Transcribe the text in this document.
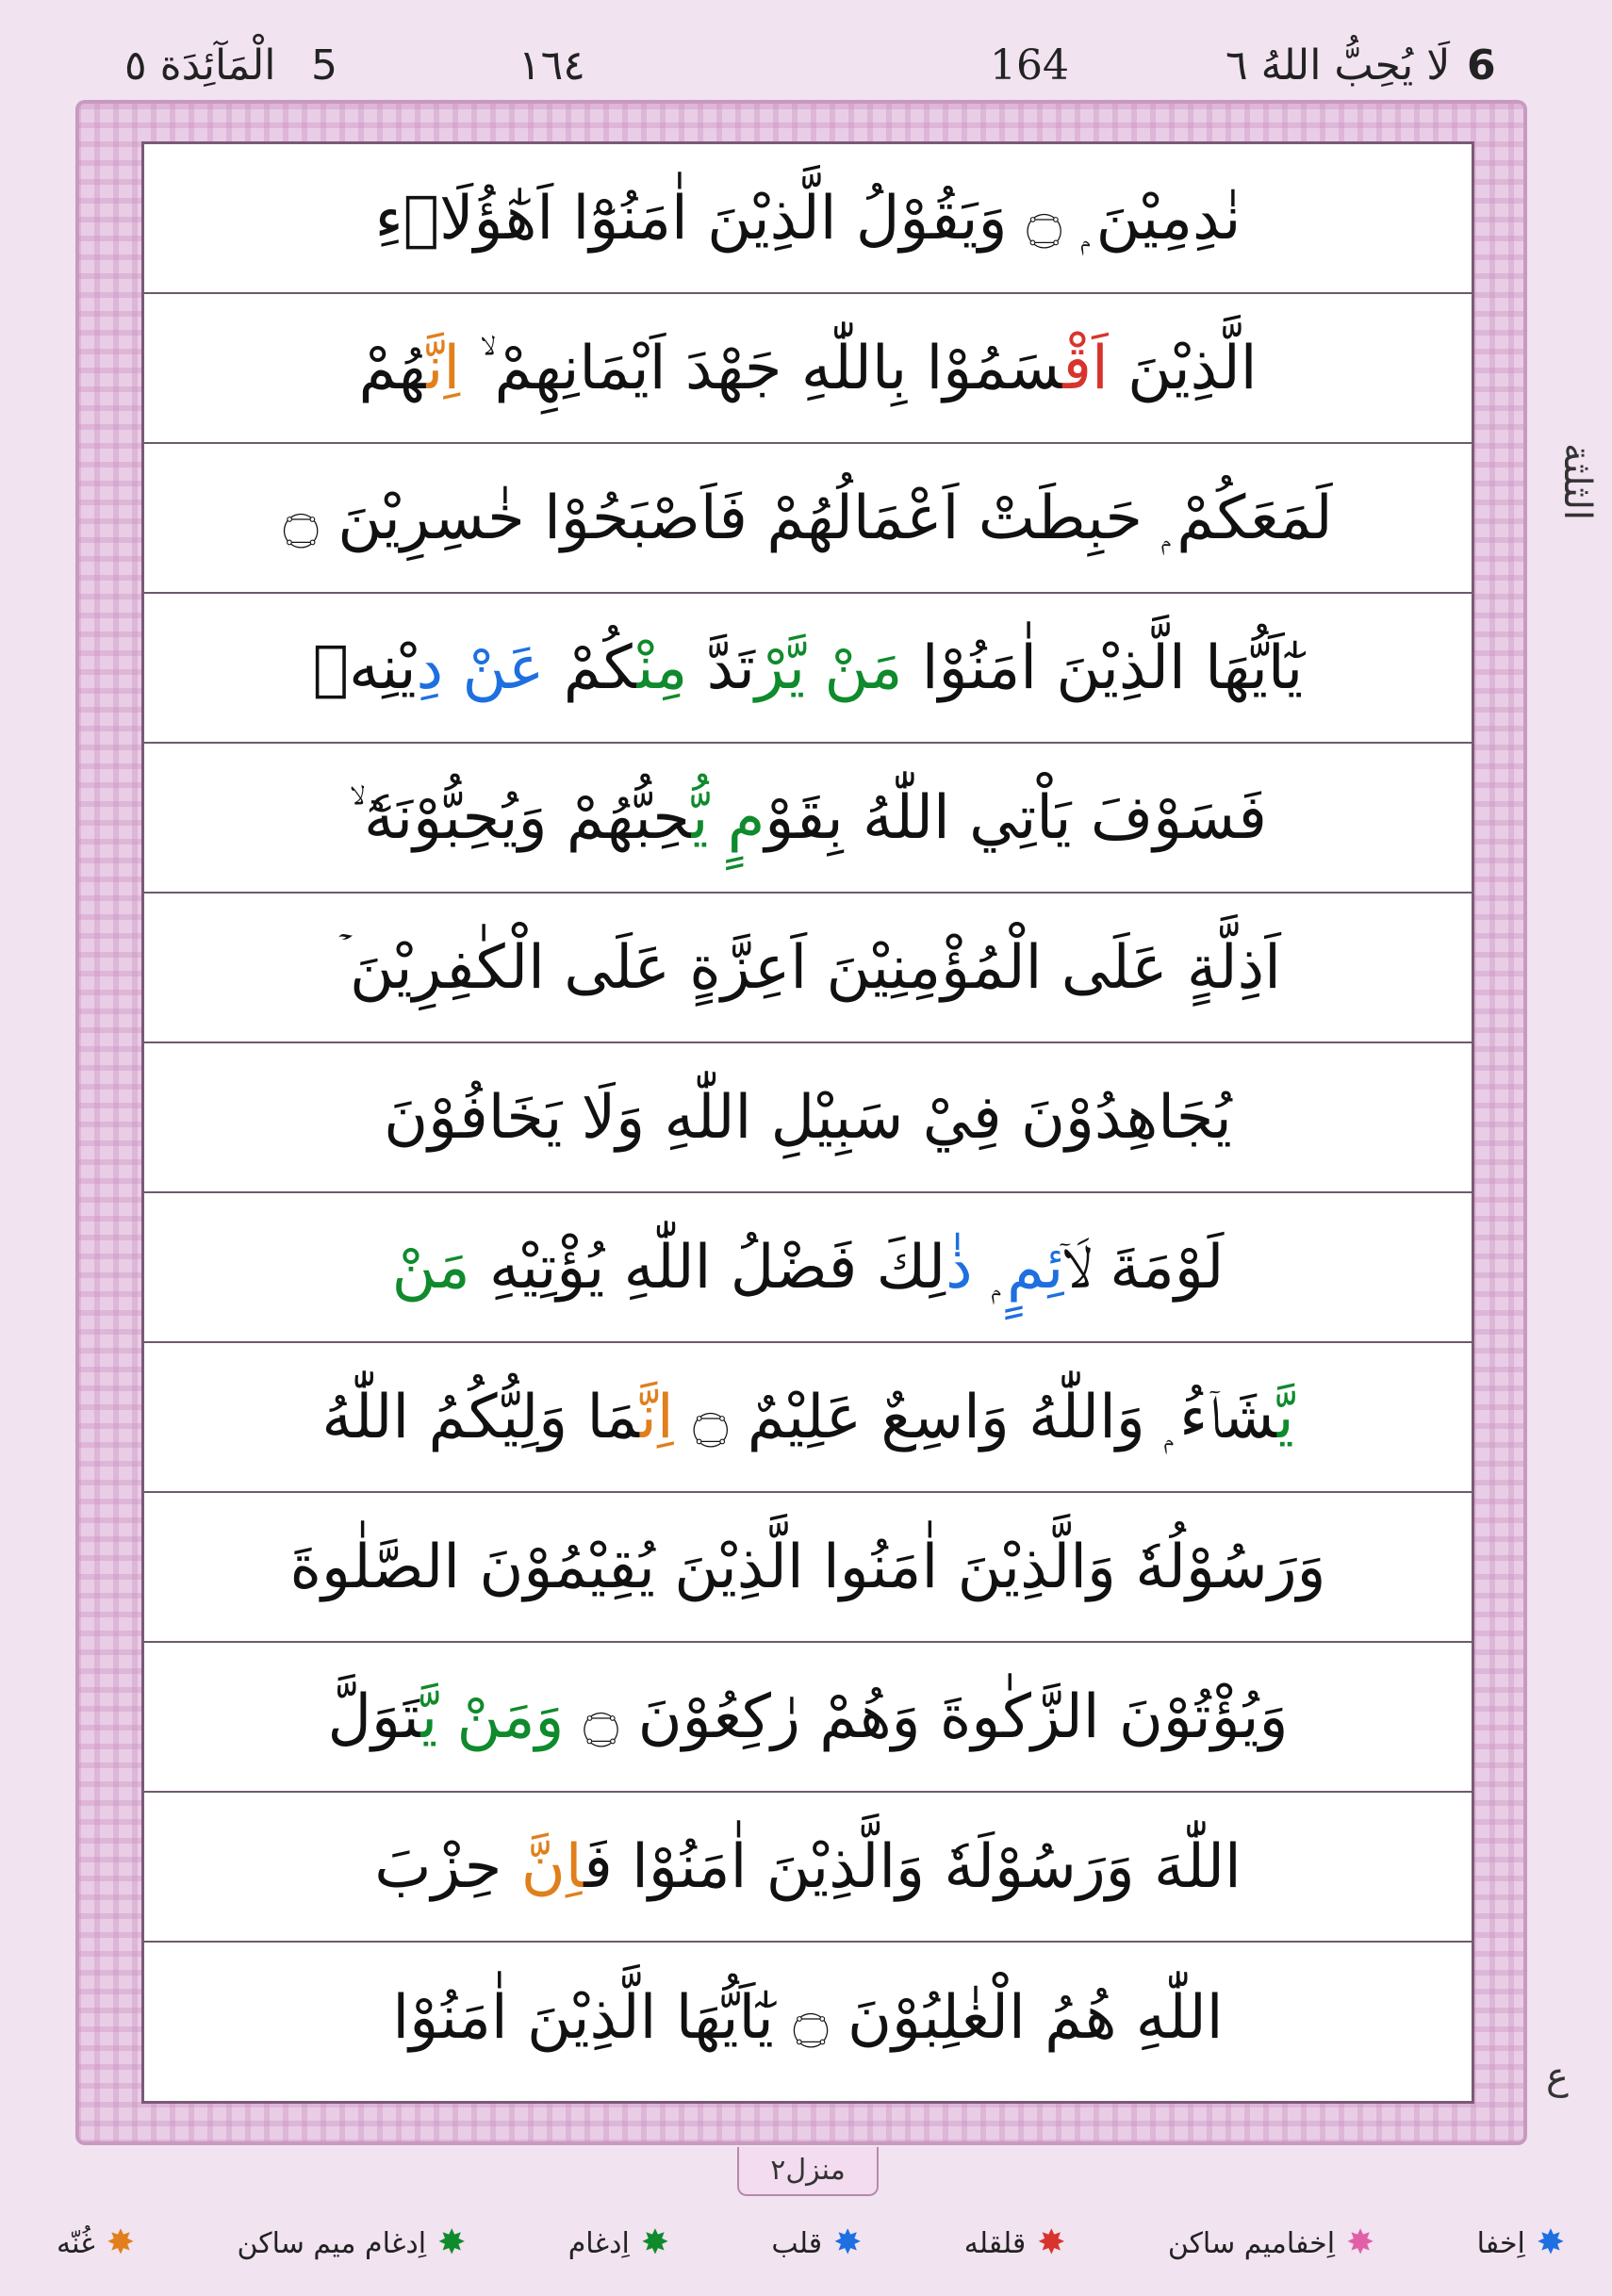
6
لَا يُحِبُّ اللهُ ٦
164
١٦٤
5
الْمَآئِدَة ٥
نٰدِمِيْنَ ۭ ۝ وَيَقُوْلُ الَّذِيْنَ اٰمَنُوْٓا اَهٰٓؤُلَاۤءِ
الَّذِيْنَ اَقْسَمُوْا بِاللّٰهِ جَهْدَ اَيْمَانِهِمْ ۙ اِنَّهُمْ
لَمَعَكُمْ ۭ حَبِطَتْ اَعْمَالُهُمْ فَاَصْبَحُوْا خٰسِرِيْنَ ۝
يٰٓاَيُّهَا الَّذِيْنَ اٰمَنُوْا مَنْ يَّرْتَدَّ مِنْكُمْ عَنْ دِيْنِهٖ
فَسَوْفَ يَاْتِي اللّٰهُ بِقَوْمٍ يُّحِبُّهُمْ وَيُحِبُّوْنَهٗٓ ۙ
اَذِلَّةٍ عَلَى الْمُؤْمِنِيْنَ اَعِزَّةٍ عَلَى الْكٰفِرِيْنَ ۡ
يُجَاهِدُوْنَ فِيْ سَبِيْلِ اللّٰهِ وَلَا يَخَافُوْنَ
لَوْمَةَ لَاۤئِمٍ ۭ ذٰلِكَ فَضْلُ اللّٰهِ يُؤْتِيْهِ مَنْ
يَّشَاۤءُ ۭ وَاللّٰهُ وَاسِعٌ عَلِيْمٌ ۝ اِنَّمَا وَلِيُّكُمُ اللّٰهُ
وَرَسُوْلُهٗ وَالَّذِيْنَ اٰمَنُوا الَّذِيْنَ يُقِيْمُوْنَ الصَّلٰوةَ
وَيُؤْتُوْنَ الزَّكٰوةَ وَهُمْ رٰكِعُوْنَ ۝ وَمَنْ يَّتَوَلَّ
اللّٰهَ وَرَسُوْلَهٗ وَالَّذِيْنَ اٰمَنُوْا فَاِنَّ حِزْبَ
اللّٰهِ هُمُ الْغٰلِبُوْنَ ۝ يٰٓاَيُّهَا الَّذِيْنَ اٰمَنُوْا
الثلثة
ع
منزل٢
✸
اِخفا
✸
اِخفامیم ساکن
✸
قلقله
✸
قلب
✸
اِدغام
✸
اِدغام میم ساکن
✸
غُنّه
